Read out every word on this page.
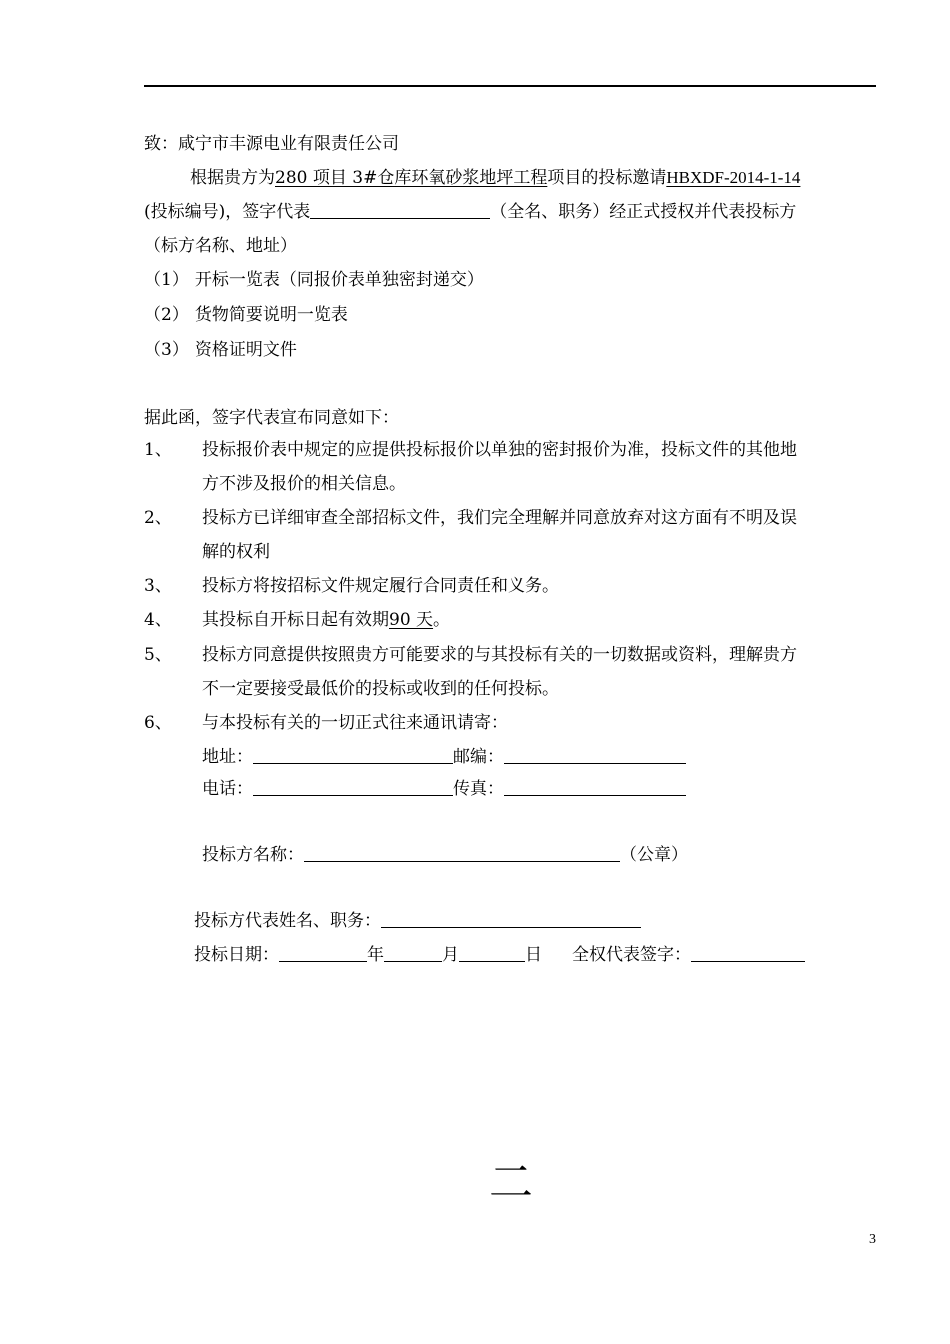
致：咸宁市丰源电业有限责任公司
根据贵方为280 项目 3#仓库环氧砂浆地坪工程项目的投标邀请HBXDF-2014-1-14
(投标编号)，签字代表	（全名、职务）经正式授权并代表投标方
（标方名称、地址）
（1） 开标一览表（同报价表单独密封递交）
（2） 货物简要说明一览表
（3） 资格证明文件
据此函，签字代表宣布同意如下：
1、 投标报价表中规定的应提供投标报价以单独的密封报价为准，投标文件的其他地
方不涉及报价的相关信息。
2、 投标方已详细审查全部招标文件，我们完全理解并同意放弃对这方面有不明及误
解的权利
3、 投标方将按招标文件规定履行合同责任和义务。
4、 其投标自开标日起有效期90 天。
5、 投标方同意提供按照贵方可能要求的与其投标有关的一切数据或资料，理解贵方
不一定要接受最低价的投标或收到的任何投标。
6、 与本投标有关的一切正式往来通讯请寄：
地址：	邮编：
电话：	传真：
投标方名称：	（公章）
投标方代表姓名、职务：
投标日期：	年	月	日 全权代表签字：
二
3
